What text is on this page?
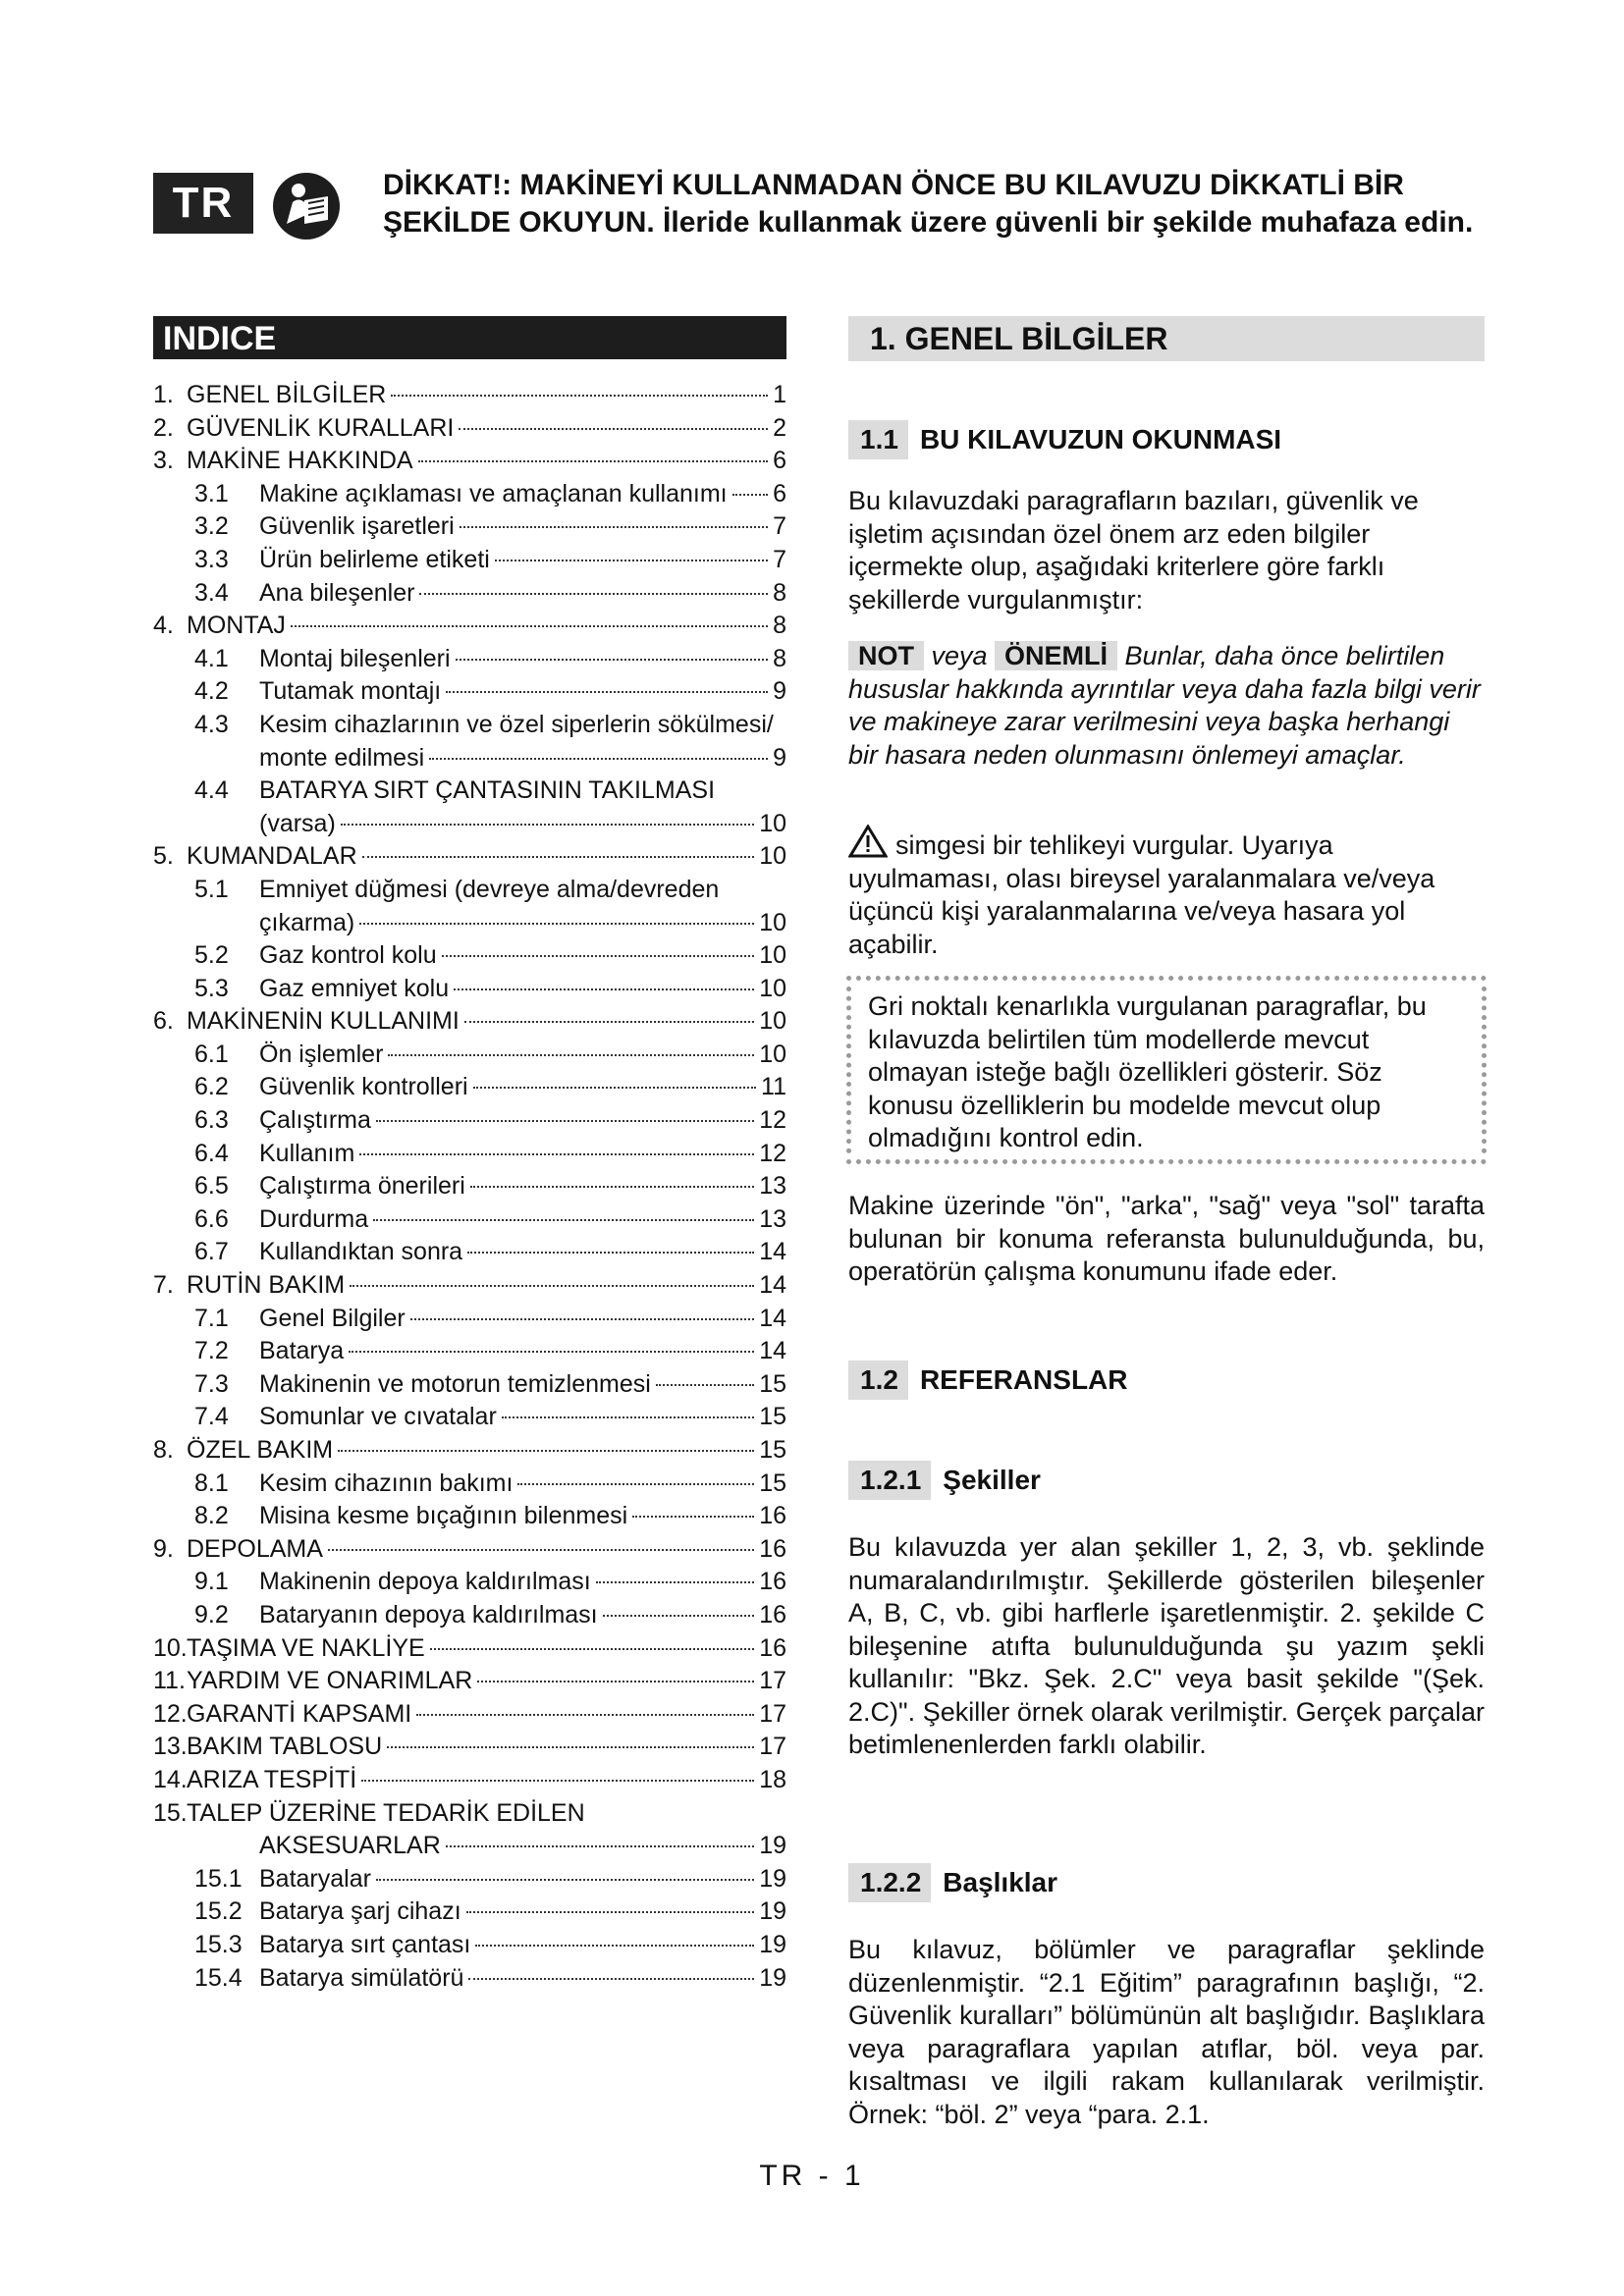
TR	DİKKAT!: MAKİNEYİ KULLANMADAN ÖNCE BU KILAVUZU DİKKATLİ BİR ŞEKİLDE OKUYUN. İleride kullanmak üzere güvenli bir şekilde muhafaza edin.
INDICE
1. GENEL BİLGİLER	1
2. GÜVENLİK KURALLARI	2
3. MAKİNE HAKKINDA	6
3.1	Makine açıklaması ve amaçlanan kullanımı 6
3.2	Güvenlik işaretleri	7
3.3	Ürün belirleme etiketi	7
3.4	Ana bileşenler	8
4. MONTAJ	8
4.1	Montaj bileşenleri	8
4.2	Tutamak montajı	9
4.3	Kesim cihazlarının ve özel siperlerin sökülmesi/
monte edilmesi	9
4.4	BATARYA SIRT ÇANTASININ TAKILMASI
(varsa)	10
5. KUMANDALAR	10
5.1	Emniyet düğmesi (devreye alma/devreden
çıkarma)	10
5.2	Gaz kontrol kolu	10
5.3	Gaz emniyet kolu	10
6. MAKİNENİN KULLANIMI	10
6.1	Ön işlemler	10
6.2	Güvenlik kontrolleri	11
6.3	Çalıştırma	12
6.4	Kullanım	12
6.5	Çalıştırma önerileri	13
6.6	Durdurma	13
6.7	Kullandıktan sonra	14
7. RUTİN BAKIM	14
7.1	Genel Bilgiler	14
7.2	Batarya	14
7.3	Makinenin ve motorun temizlenmesi	15
7.4	Somunlar ve cıvatalar	15
8. ÖZEL BAKIM	15
8.1	Kesim cihazının bakımı	15
8.2	Misina kesme bıçağının bilenmesi	16
9. DEPOLAMA	16
9.1	Makinenin depoya kaldırılması	16
9.2	Bataryanın depoya kaldırılması	16
10. TAŞIMA VE NAKLİYE	16
11. YARDIM VE ONARIMLAR	17
12. GARANTİ KAPSAMI	17
13. BAKIM TABLOSU	17
14. ARIZA TESPİTİ	18
15. TALEP ÜZERİNE TEDARİK EDİLEN
AKSESUARLAR	19
15.1 Bataryalar	19
15.2 Batarya şarj cihazı	19
15.3 Batarya sırt çantası	19
15.4 Batarya simülatörü	19
1. GENEL BİLGİLER
1.1 BU KILAVUZUN OKUNMASI
Bu kılavuzdaki paragrafların bazıları, güvenlik ve işletim açısından özel önem arz eden bilgiler içermekte olup, aşağıdaki kriterlere göre farklı şekillerde vurgulanmıştır:
NOT veya ÖNEMLİ Bunlar, daha önce belirtilen hususlar hakkında ayrıntılar veya daha fazla bilgi verir ve makineye zarar verilmesini veya başka herhangi bir hasara neden olunmasını önlemeyi amaçlar.
simgesi bir tehlikeyi vurgular. Uyarıya uyulmaması, olası bireysel yaralanmalara ve/veya üçüncü kişi yaralanmalarına ve/veya hasara yol açabilir.
Gri noktalı kenarlıkla vurgulanan paragraflar, bu kılavuzda belirtilen tüm modellerde mevcut olmayan isteğe bağlı özellikleri gösterir. Söz konusu özelliklerin bu modelde mevcut olup olmadığını kontrol edin.
Makine üzerinde "ön", "arka", "sağ" veya "sol" tarafta bulunan bir konuma referansta bulunulduğunda, bu, operatörün çalışma konumunu ifade eder.
1.2 REFERANSLAR
1.2.1 Şekiller
Bu kılavuzda yer alan şekiller 1, 2, 3, vb. şeklinde numaralandırılmıştır. Şekillerde gösterilen bileşenler A, B, C, vb. gibi harflerle işaretlenmiştir. 2. şekilde C bileşenine atıfta bulunulduğunda şu yazım şekli kullanılır: "Bkz. Şek. 2.C" veya basit şekilde "(Şek. 2.C)". Şekiller örnek olarak verilmiştir. Gerçek parçalar betimlenenlerden farklı olabilir.
1.2.2 Başlıklar
Bu kılavuz, bölümler ve paragraflar şeklinde düzenlenmiştir. “2.1 Eğitim” paragrafının başlığı, “2. Güvenlik kuralları” bölümünün alt başlığıdır. Başlıklara veya paragraflara yapılan atıflar, böl. veya par. kısaltması ve ilgili rakam kullanılarak verilmiştir. Örnek: “böl. 2” veya “para. 2.1.
TR - 1
